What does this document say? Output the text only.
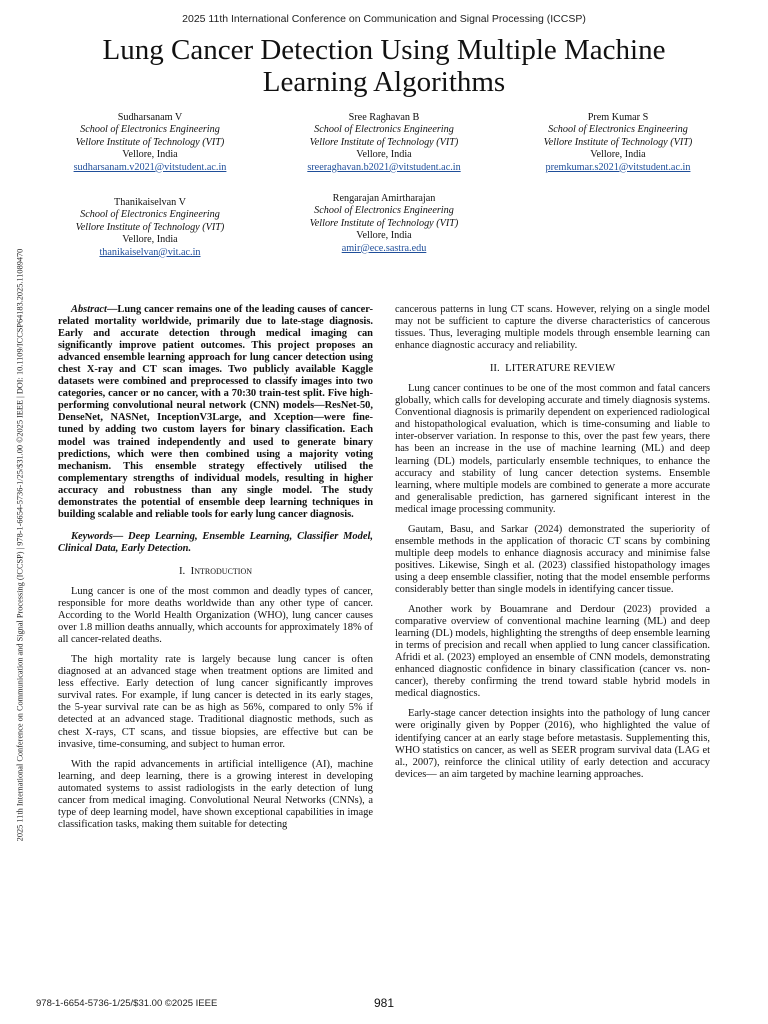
2025 11th International Conference on Communication and Signal Processing (ICCSP)
Lung Cancer Detection Using Multiple Machine
Learning Algorithms
Sudharsanam V
School of Electronics Engineering
Vellore Institute of Technology (VIT)
Vellore, India
sudharsanam.v2021@vitstudent.ac.in
Sree Raghavan B
School of Electronics Engineering
Vellore Institute of Technology (VIT)
Vellore, India
sreeraghavan.b2021@vitstudent.ac.in
Prem Kumar S
School of Electronics Engineering
Vellore Institute of Technology (VIT)
Vellore, India
premkumar.s2021@vitstudent.ac.in
Thanikaiselvan V
School of Electronics Engineering
Vellore Institute of Technology (VIT)
Vellore, India
thanikaiselvan@vit.ac.in
Rengarajan Amirtharajan
School of Electronics Engineering
Vellore Institute of Technology (VIT)
Vellore, India
amir@ece.sastra.edu
2025 11th International Conference on Communication and Signal Processing (ICCSP) | 978-1-6654-5736-1/25/$31.00 ©2025 IEEE | DOI: 10.1109/ICCSP64183.2025.11089470	Abstract—Lung cancer remains one of the leading causes of cancer-related mortality worldwide, primarily due to late-stage diagnosis. Early and accurate detection through medical imaging can significantly improve patient outcomes. This project proposes an advanced ensemble learning approach for lung cancer detection using chest X-ray and CT scan images. Two publicly available Kaggle datasets were combined and preprocessed to classify images into two categories, cancer or no cancer, with a 70:30 train-test split. Five high-performing convolutional neural network (CNN) models—ResNet-50, DenseNet, NASNet, InceptionV3Large, and Xception—were fine-tuned by adding two custom layers for binary classification. Each model was trained independently and used to generate binary predictions, which were then combined using a majority voting mechanism. This ensemble strategy effectively utilised the complementary strengths of individual models, resulting in higher accuracy and robustness than any single model. The study demonstrates the potential of ensemble deep learning techniques in building scalable and reliable tools for early lung cancer diagnosis.

Keywords— Deep Learning, Ensemble Learning, Classifier Model, Clinical Data, Early Detection.

I. Introduction

Lung cancer is one of the most common and deadly types of cancer, responsible for more deaths worldwide than any other type of cancer. According to the World Health Organization (WHO), lung cancer causes over 1.8 million deaths annually, which accounts for approximately 18% of all cancer-related deaths.

The high mortality rate is largely because lung cancer is often diagnosed at an advanced stage when treatment options are limited and less effective. Early detection of lung cancer significantly improves survival rates. For example, if lung cancer is detected in its early stages, the 5-year survival rate can be as high as 56%, compared to only 5% if detected at an advanced stage. Traditional diagnostic methods, such as chest X-rays, CT scans, and tissue biopsies, are effective but can be invasive, time-consuming, and subject to human error.

With the rapid advancements in artificial intelligence (AI), machine learning, and deep learning, there is a growing interest in developing automated systems to assist radiologists in the early detection of lung cancer from medical imaging. Convolutional Neural Networks (CNNs), a type of deep learning model, have shown exceptional capabilities in image classification tasks, making them suitable for detecting

cancerous patterns in lung CT scans. However, relying on a single model may not be sufficient to capture the diverse characteristics of cancerous tissues. Thus, leveraging multiple models through ensemble learning can enhance diagnostic accuracy and reliability.

II. LITERATURE REVIEW

Lung cancer continues to be one of the most common and fatal cancers globally, which calls for developing accurate and timely diagnosis systems. Conventional diagnosis is primarily dependent on experienced radiological and histopathological evaluation, which is time-consuming and liable to inter-observer variation. In response to this, over the past few years, there has been an increase in the use of machine learning (ML) and deep learning (DL) models, particularly ensemble techniques, to enhance the accuracy and stability of lung cancer detection systems. Ensemble learning, where multiple models are combined to generate a more accurate and generalisable prediction, has garnered significant interest in the medical image processing community.

Gautam, Basu, and Sarkar (2024) demonstrated the superiority of ensemble methods in the application of thoracic CT scans by combining multiple deep models to enhance diagnosis accuracy and minimise false positives. Likewise, Singh et al. (2023) classified histopathology images using a deep ensemble classifier, noting that the model ensemble performs considerably better than single models in identifying cancer tissue.

Another work by Bouamrane and Derdour (2023) provided a comparative overview of conventional machine learning (ML) and deep learning (DL) models, highlighting the strengths of deep ensemble learning in terms of precision and recall when applied to lung cancer classification. Afridi et al. (2023) employed an ensemble of CNN models, demonstrating enhanced diagnostic confidence in binary classification (cancer vs. non-cancer), thereby confirming the trend toward stable hybrid models in medical diagnostics.

Early-stage cancer detection insights into the pathology of lung cancer were originally given by Popper (2016), who highlighted the value of identifying cancer at an early stage before metastasis. Supplementing this, WHO statistics on cancer, as well as SEER program survival data (LAG et al., 2007), reinforce the clinical utility of early detection and accuracy devices— an aim targeted by machine learning approaches.

978-1-6654-5736-1/25/$31.00 ©2025 IEEE	981
